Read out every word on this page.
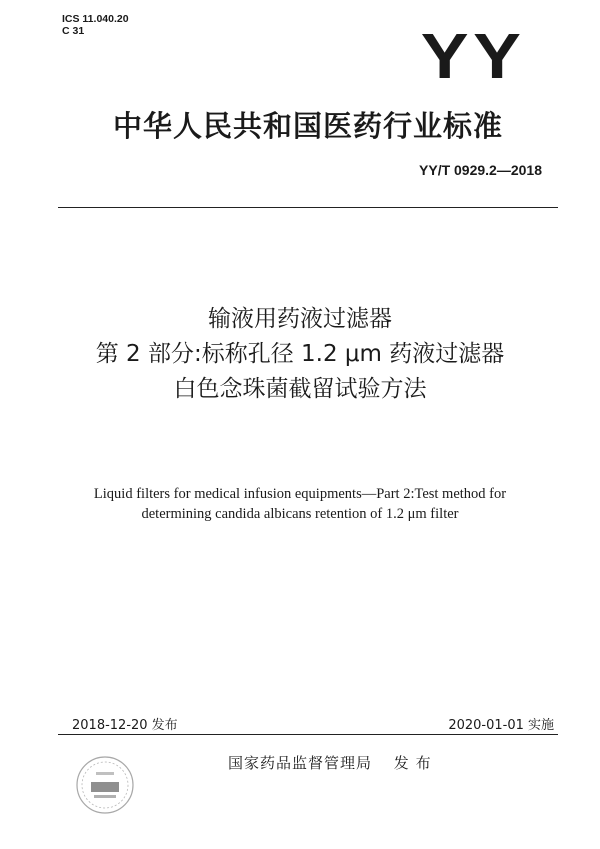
ICS 11.040.20
C 31	YY
中华人民共和国医药行业标准
YY/T 0929.2—2018
输液用药液过滤器
第 2 部分:标称孔径 1.2 μm 药液过滤器
白色念珠菌截留试验方法
Liquid filters for medical infusion equipments—Part 2:Test method for
determining candida albicans retention of 1.2 μm filter
2018-12-20 发布	2020-01-01 实施
国家药品监督管理局 发 布
